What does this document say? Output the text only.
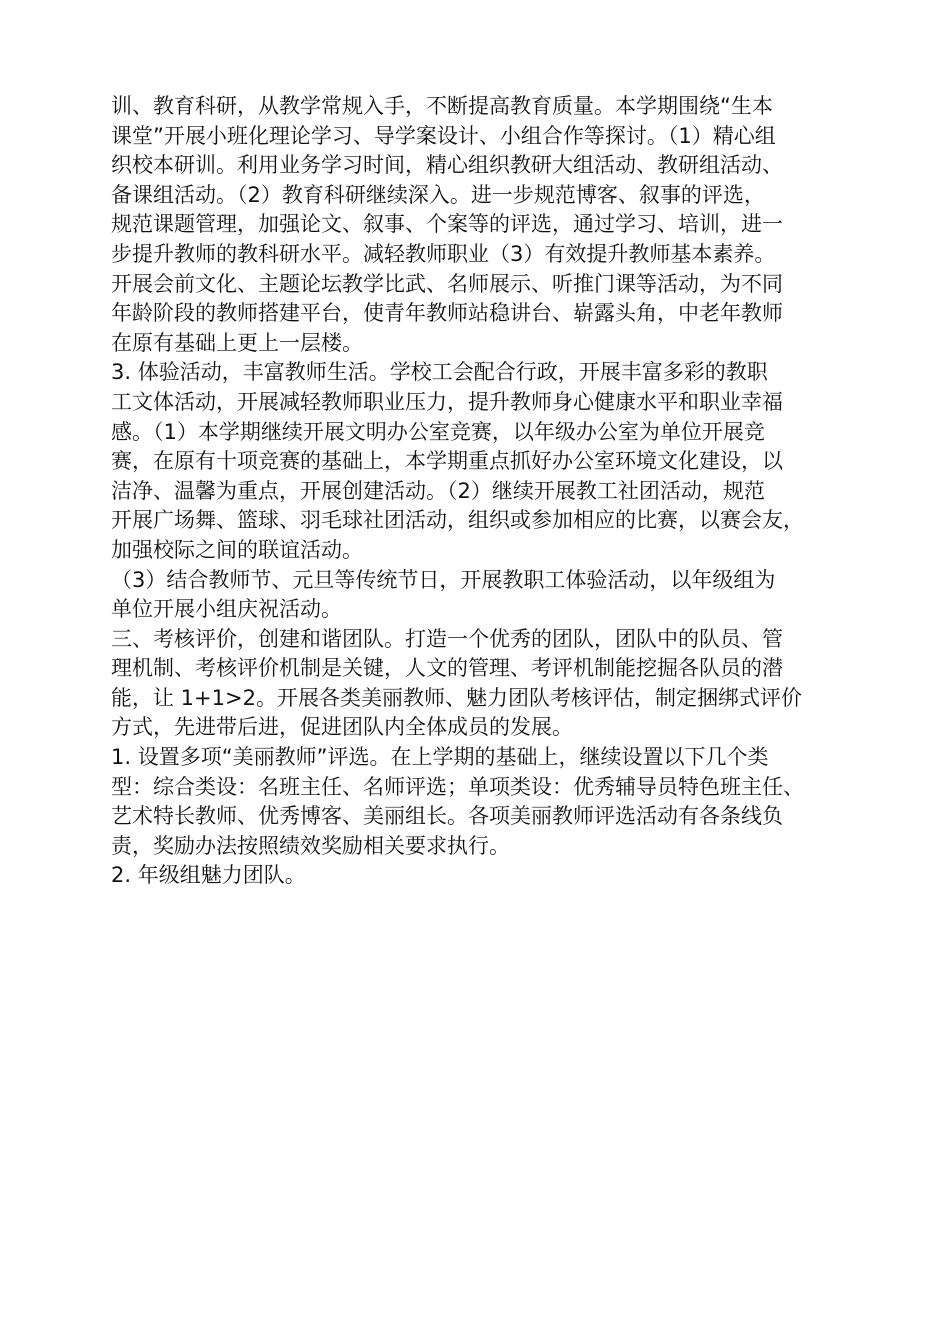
训、教育科研，从教学常规入手，不断提高教育质量。本学期围绕“生本
课堂”开展小班化理论学习、导学案设计、小组合作等探讨。（1）精心组
织校本研训。利用业务学习时间，精心组织教研大组活动、教研组活动、
备课组活动。（2）教育科研继续深入。进一步规范博客、叙事的评选，
规范课题管理，加强论文、叙事、个案等的评选，通过学习、培训，进一
步提升教师的教科研水平。减轻教师职业（3）有效提升教师基本素养。
开展会前文化、主题论坛教学比武、名师展示、听推门课等活动，为不同
年龄阶段的教师搭建平台，使青年教师站稳讲台、崭露头角，中老年教师
在原有基础上更上一层楼。
3. 体验活动，丰富教师生活。学校工会配合行政，开展丰富多彩的教职
工文体活动，开展减轻教师职业压力，提升教师身心健康水平和职业幸福
感。（1）本学期继续开展文明办公室竞赛，以年级办公室为单位开展竞
赛，在原有十项竞赛的基础上，本学期重点抓好办公室环境文化建设，以
洁净、温馨为重点，开展创建活动。（2）继续开展教工社团活动，规范
开展广场舞、篮球、羽毛球社团活动，组织或参加相应的比赛，以赛会友，
加强校际之间的联谊活动。
（3）结合教师节、元旦等传统节日，开展教职工体验活动，以年级组为
单位开展小组庆祝活动。
三、考核评价，创建和谐团队。打造一个优秀的团队，团队中的队员、管
理机制、考核评价机制是关键，人文的管理、考评机制能挖掘各队员的潜
能，让 1+1>2。开展各类美丽教师、魅力团队考核评估，制定捆绑式评价
方式，先进带后进，促进团队内全体成员的发展。
1. 设置多项“美丽教师”评选。在上学期的基础上，继续设置以下几个类
型：综合类设：名班主任、名师评选；单项类设：优秀辅导员特色班主任、
艺术特长教师、优秀博客、美丽组长。各项美丽教师评选活动有各条线负
责，奖励办法按照绩效奖励相关要求执行。
2. 年级组魅力团队。
